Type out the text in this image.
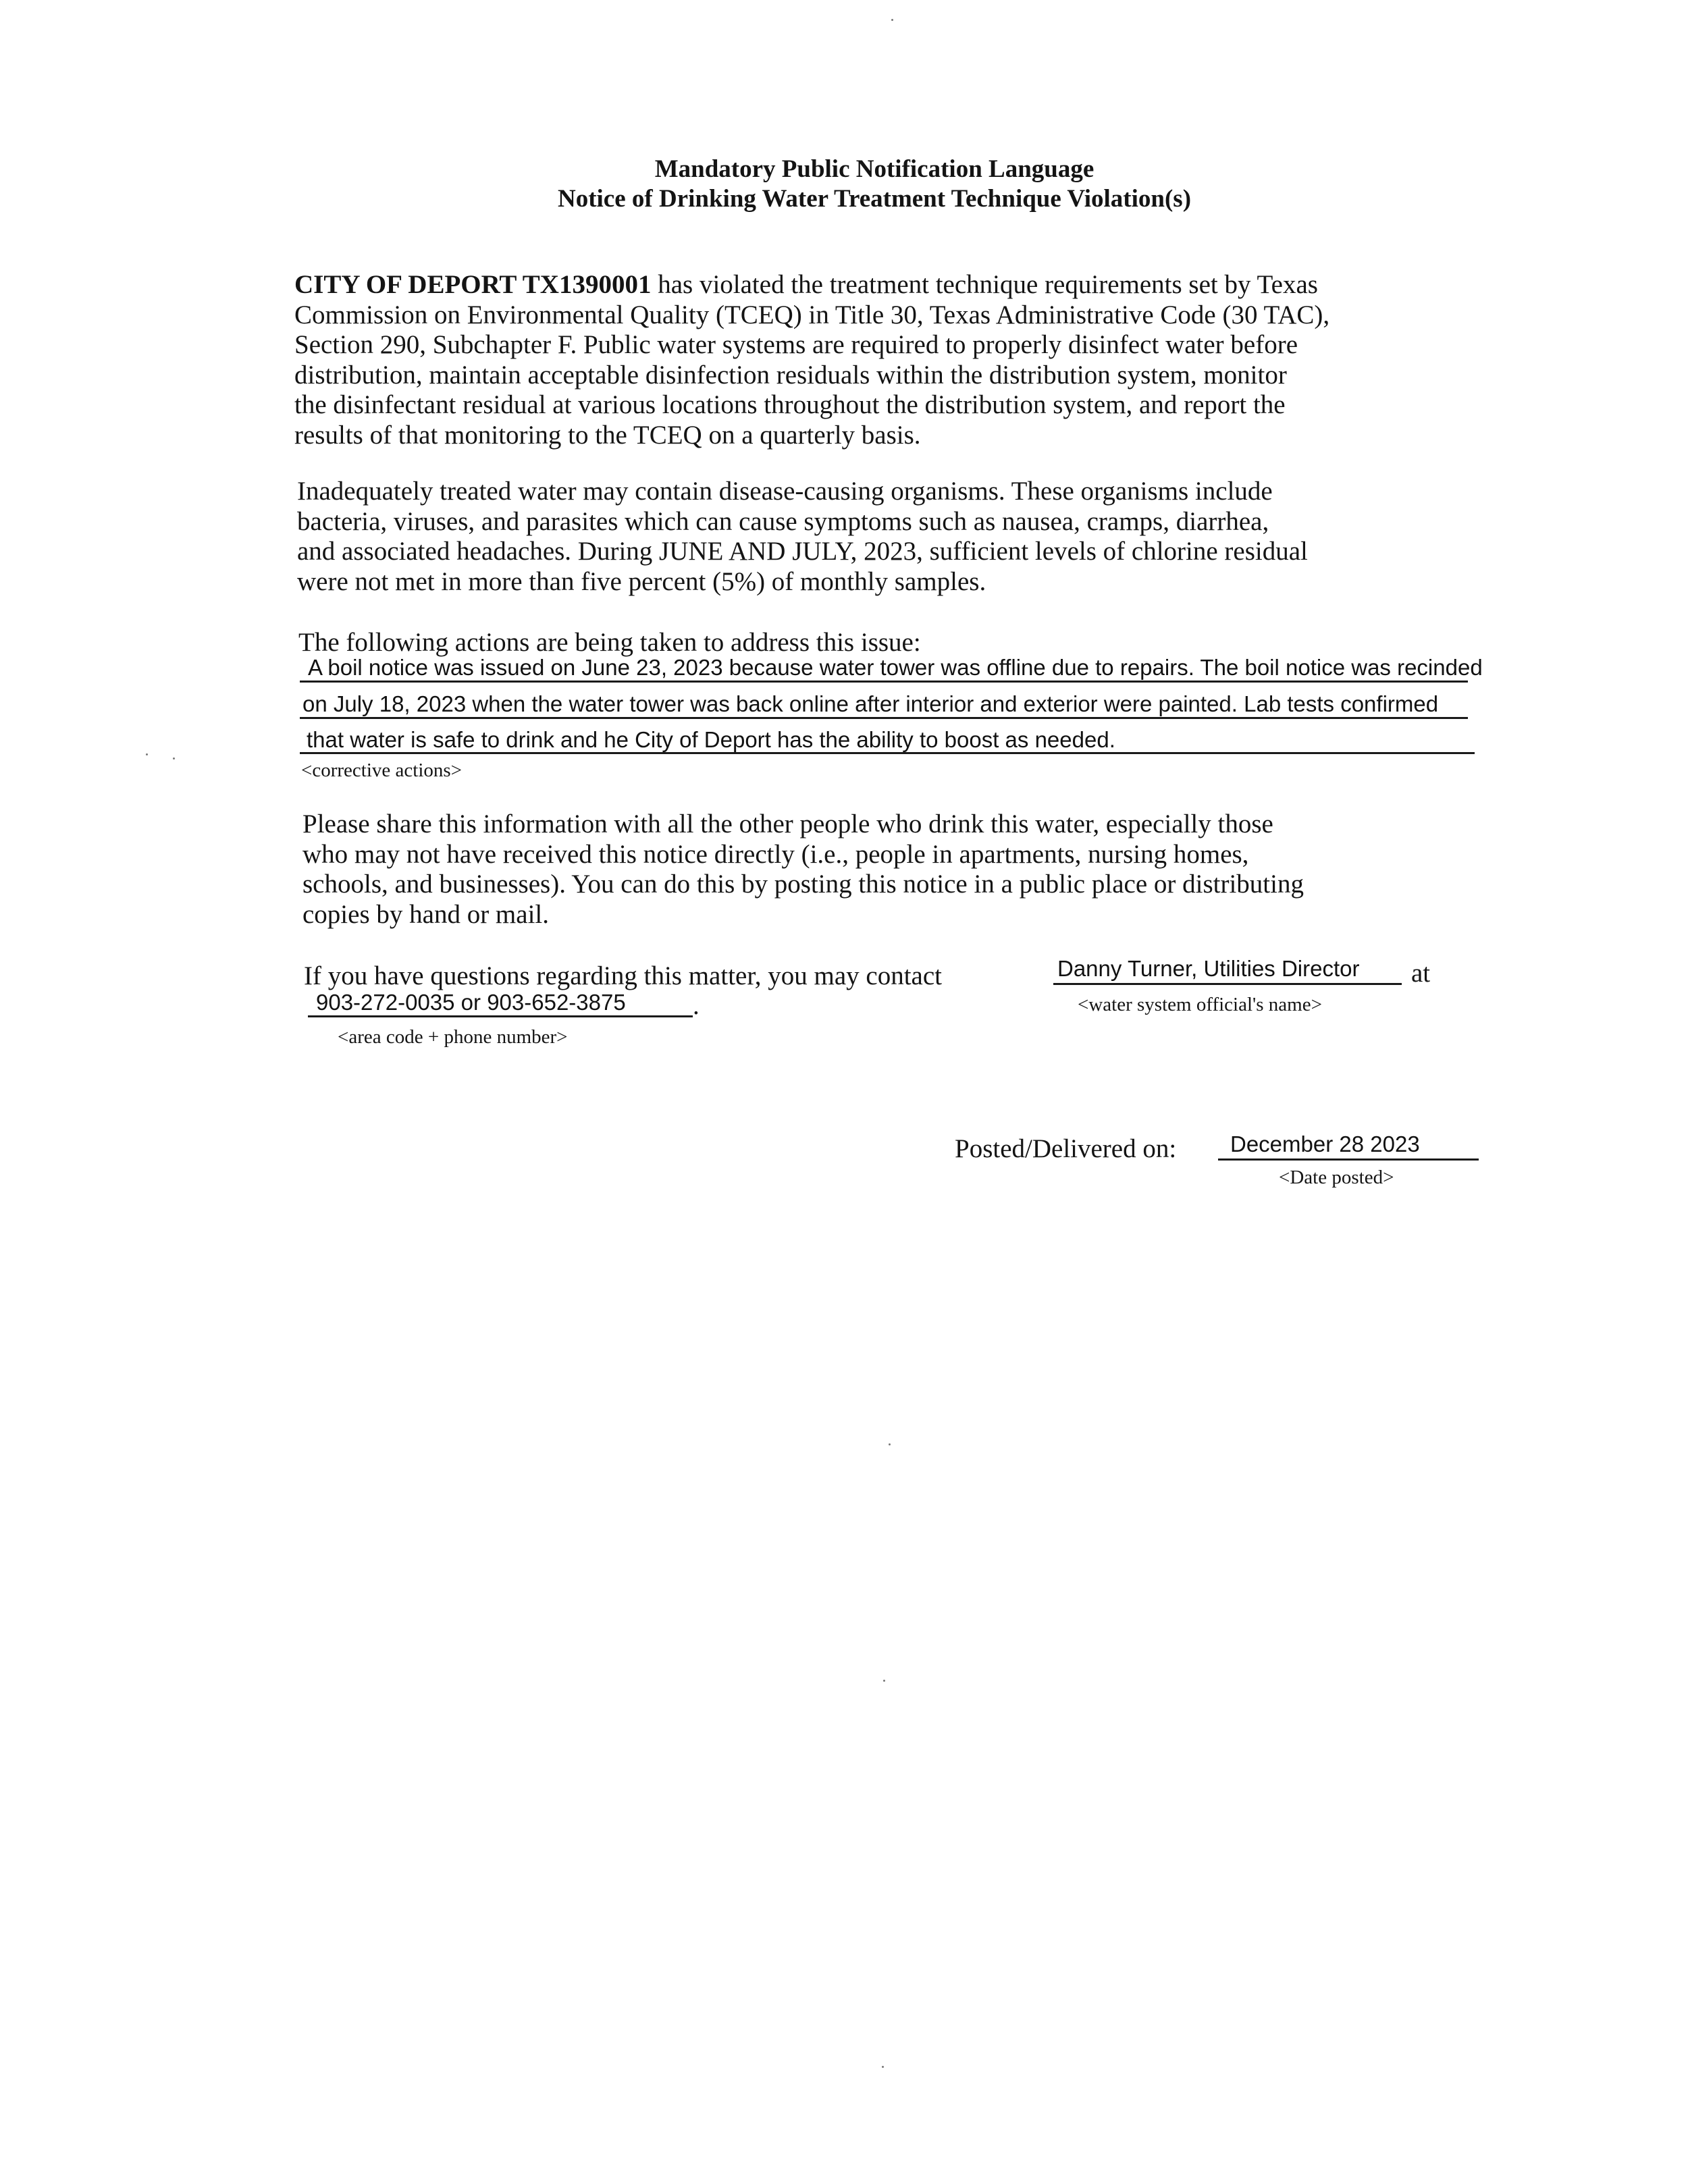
Mandatory Public Notification Language
Notice of Drinking Water Treatment Technique Violation(s)

CITY OF DEPORT TX1390001 has violated the treatment technique requirements set by Texas

Commission on Environmental Quality (TCEQ) in Title 30, Texas Administrative Code (30 TAC),

Section 290, Subchapter F. Public water systems are required to properly disinfect water before

distribution, maintain acceptable disinfection residuals within the distribution system, monitor

the disinfectant residual at various locations throughout the distribution system, and report the

results of that monitoring to the TCEQ on a quarterly basis.

Inadequately treated water may contain disease-causing organisms. These organisms include

bacteria, viruses, and parasites which can cause symptoms such as nausea, cramps, diarrhea,

and associated headaches. During JUNE AND JULY, 2023, sufficient levels of chlorine residual

were not met in more than five percent (5%) of monthly samples.

The following actions are being taken to address this issue:
A boil notice was issued on June 23, 2023 because water tower was offline due to repairs. The boil notice was recinded
on July 18, 2023 when the water tower was back online after interior and exterior were painted. Lab tests confirmed
that water is safe to drink and he City of Deport has the ability to boost as needed.
<corrective actions>

Please share this information with all the other people who drink this water, especially those

who may not have received this notice directly (i.e., people in apartments, nursing homes,

schools, and businesses). You can do this by posting this notice in a public place or distributing

copies by hand or mail.

If you have questions regarding this matter, you may contact	Danny Turner, Utilities Director at
<water system official's name>
903-272-0035 or 903-652-3875	.
<area code + phone number>
Posted/Delivered on: December 28 2023
<Date posted>
